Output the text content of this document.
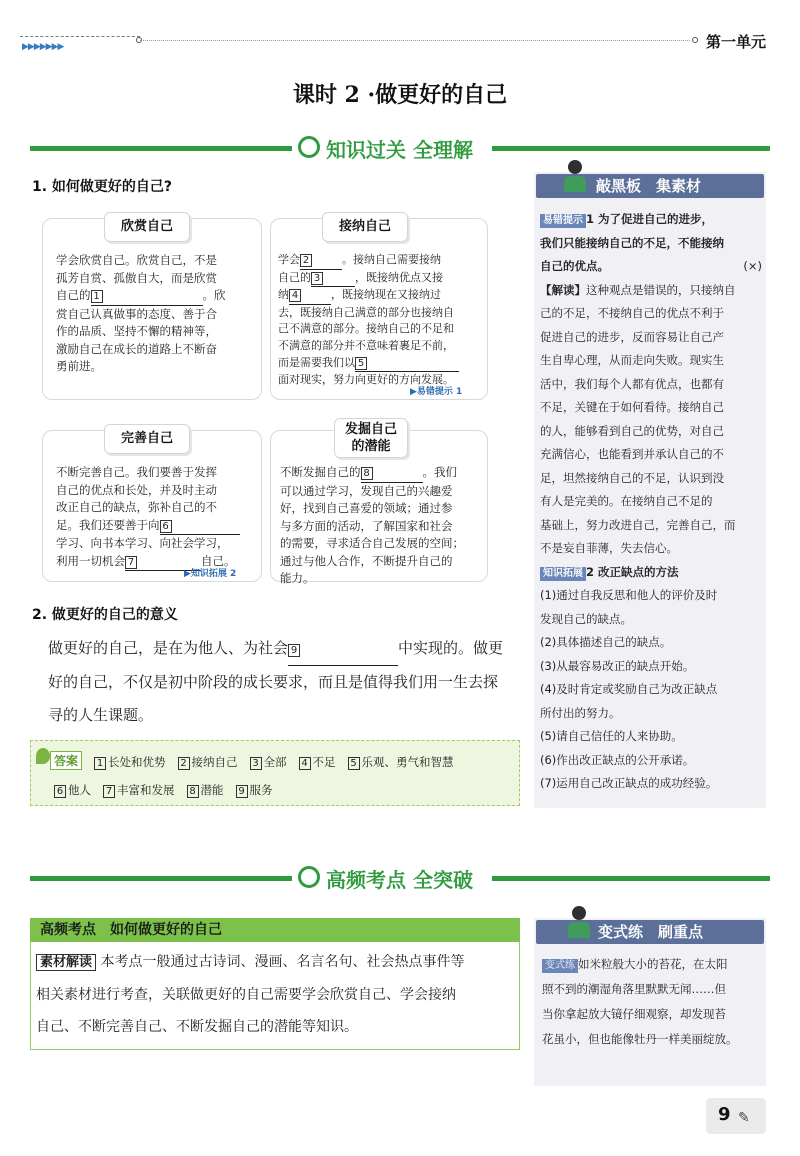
▶▶▶▶▶▶▶	第一单元
课时 2 ·做更好的自己
知识过关 全理解
1. 如何做更好的自己?
欣赏自己
学会欣赏自己。欣赏自己，不是
孤芳自赏、孤傲自大，而是欣赏
自己的 1	。欣
赏自己认真做事的态度、善于合
作的品质、坚持不懈的精神等，
激励自己在成长的道路上不断奋
勇前进。
接纳自己
学会 2	。接纳自己需要接纳
自己的 3	，既接纳优点又接
纳 4	，既接纳现在又接纳过
去，既接纳自己满意的部分也接纳自
己不满意的部分。接纳自己的不足和
不满意的部分并不意味着裹足不前，
而是需要我们以 5
面对现实，努力向更好的方向发展。
▶易错提示 1
完善自己
不断完善自己。我们要善于发挥
自己的优点和长处，并及时主动
改正自己的缺点，弥补自己的不
足。我们还要善于向 6
学习、向书本学习、向社会学习，
利用一切机会 7	自己。
▶知识拓展 2
发掘自己
的潜能
不断发掘自己的 8	。我们
可以通过学习，发现自己的兴趣爱
好，找到自己喜爱的领域；通过参
与多方面的活动，了解国家和社会
的需要，寻求适合自己发展的空间；
通过与他人合作，不断提升自己的
能力。
2. 做更好的自己的意义
做更好的自己，是在为他人、为社会 9	中实现的。做更
好的自己，不仅是初中阶段的成长要求，而且是值得我们用一生去探
寻的人生课题。
答案	1 长处和优势 2 接纳自己 3 全部 4 不足 5 乐观、勇气和智慧
6 他人 7 丰富和发展 8 潜能 9 服务
敲黑板　集素材
易错提示 1 为了促进自己的进步，
我们只能接纳自己的不足，不能接纳
自己的优点。	(×)
【解读】这种观点是错误的，只接纳自
己的不足，不接纳自己的优点不利于
促进自己的进步，反而容易让自己产
生自卑心理，从而走向失败。现实生
活中，我们每个人都有优点，也都有
不足，关键在于如何看待。接纳自己
的人，能够看到自己的优势，对自己
充满信心，也能看到并承认自己的不
足，坦然接纳自己的不足，认识到没
有人是完美的。在接纳自己不足的
基础上，努力改进自己，完善自己，而
不是妄自菲薄，失去信心。
知识拓展 2 改正缺点的方法
(1)通过自我反思和他人的评价及时
发现自己的缺点。
(2)具体描述自己的缺点。
(3)从最容易改正的缺点开始。
(4)及时肯定或奖励自己为改正缺点
所付出的努力。
(5)请自己信任的人来协助。
(6)作出改正缺点的公开承诺。
(7)运用自己改正缺点的成功经验。
高频考点 全突破
高频考点　如何做更好的自己
素材解读 本考点一般通过古诗词、漫画、名言名句、社会热点事件等
相关素材进行考查，关联做更好的自己需要学会欣赏自己、学会接纳
自己、不断完善自己、不断发掘自己的潜能等知识。
变式练　刷重点
变式练 如米粒般大小的苔花，在太阳
照不到的潮湿角落里默默无闻……但
当你拿起放大镜仔细观察，却发现苔
花虽小，但也能像牡丹一样美丽绽放。
9 ✎
